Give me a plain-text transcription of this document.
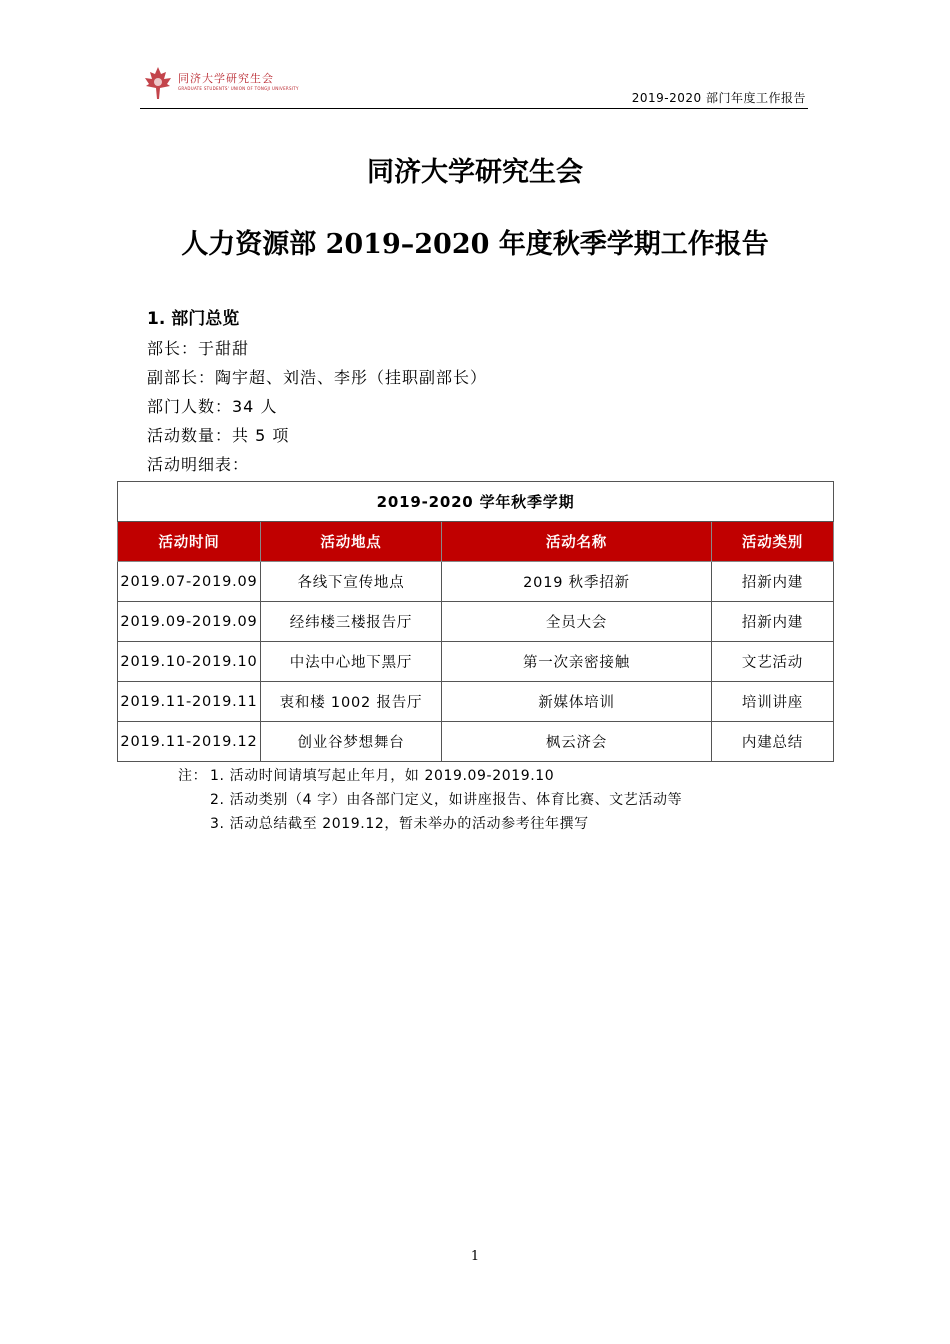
同济大学研究生会
GRADUATE STUDENTS' UNION OF TONGJI UNIVERSITY
2019-2020 部门年度工作报告
同济大学研究生会
人力资源部 2019–2020 年度秋季学期工作报告
1. 部门总览
部长：于甜甜
副部长：陶宇超、刘浩、李彤（挂职副部长）
部门人数：34 人
活动数量：共 5 项
活动明细表：
2019-2020 学年秋季学期			
活动时间	活动地点	活动名称	活动类别
2019.07-2019.09	各线下宣传地点	2019 秋季招新	招新内建
2019.09-2019.09	经纬楼三楼报告厅	全员大会	招新内建
2019.10-2019.10	中法中心地下黑厅	第一次亲密接触	文艺活动
2019.11-2019.11	衷和楼 1002 报告厅	新媒体培训	培训讲座
2019.11-2019.12	创业谷梦想舞台	枫云济会	内建总结
注： 1. 活动时间请填写起止年月，如 2019.09-2019.10
2. 活动类别（4 字）由各部门定义，如讲座报告、体育比赛、文艺活动等
3. 活动总结截至 2019.12，暂未举办的活动参考往年撰写
1
